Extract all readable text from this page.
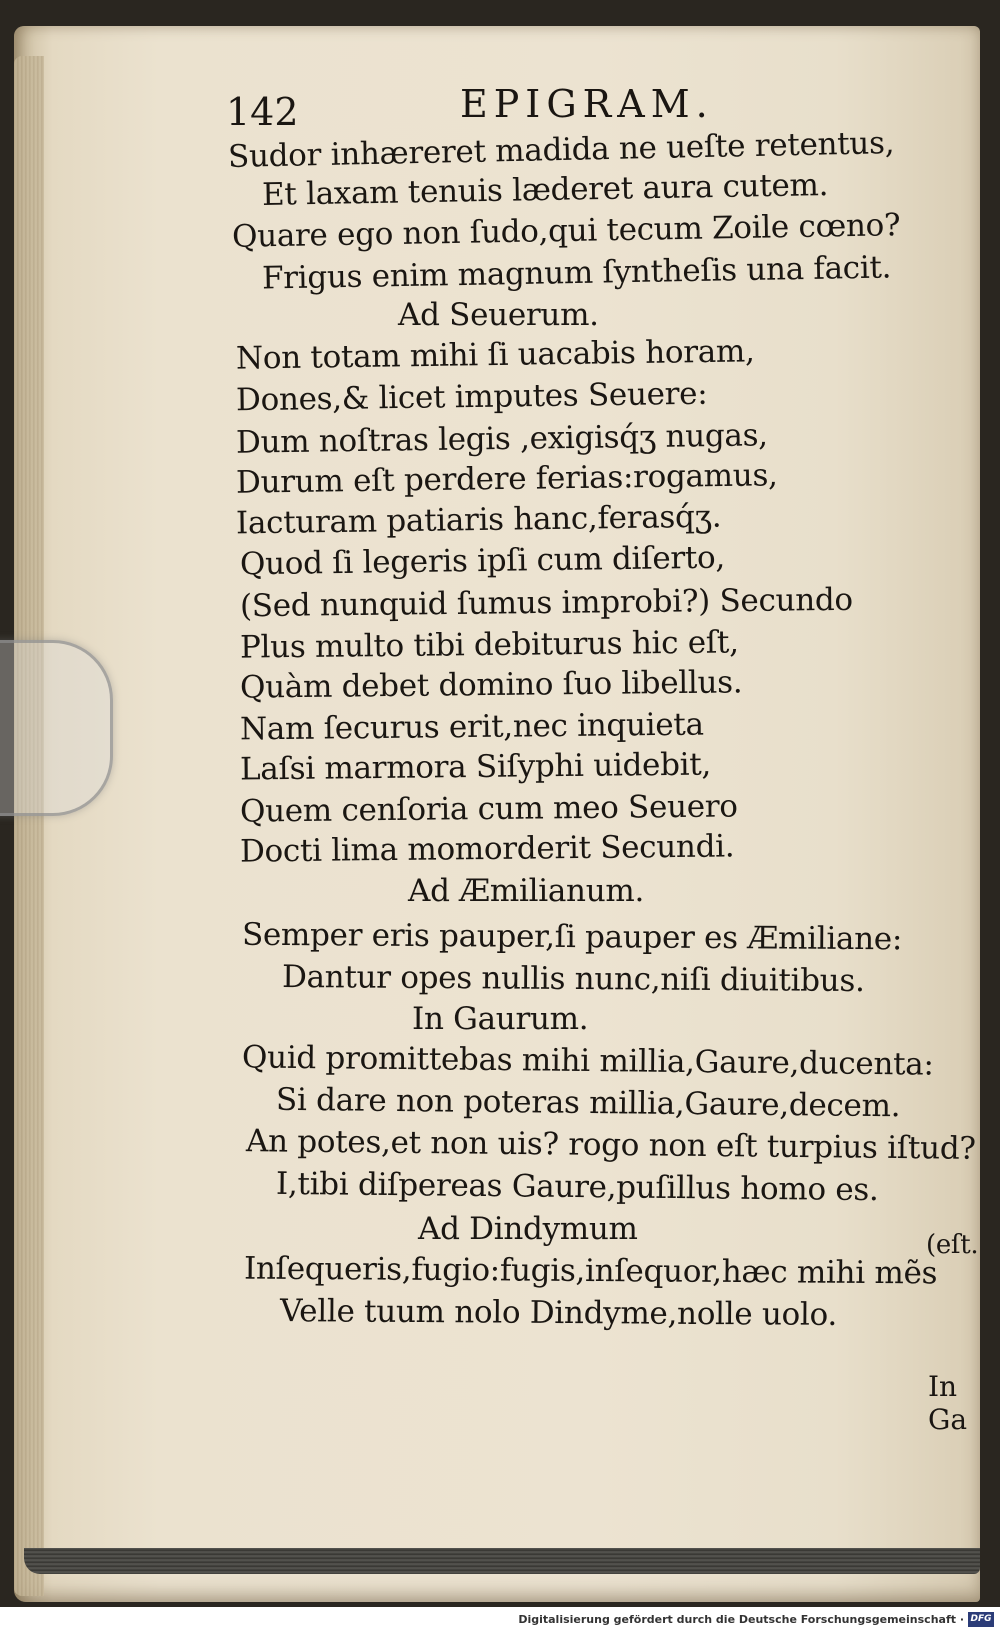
142	EPIGRAM.
Sudor inhæreret madida ne ueſte retentus,
Et laxam tenuis læderet aura cutem.
Quare ego non ſudo,qui tecum Zoile cœno?
Frigus enim magnum ſyntheſis una facit.
Ad Seuerum.
Non totam mihi ſi uacabis horam,
Dones,& licet imputes Seuere:
Dum noſtras legis ,exigisq́ʒ nugas,
Durum eſt perdere ferias:rogamus,
Iacturam patiaris hanc,ferasq́ʒ.
Quod ſi legeris ipſi cum diſerto,
(Sed nunquid ſumus improbi?) Secundo
Plus multo tibi debiturus hic eſt,
Quàm debet domino ſuo libellus.
Nam ſecurus erit,nec inquieta
Laſsi marmora Siſyphi uidebit,
Quem cenſoria cum meo Seuero
Docti lima momorderit Secundi.
Ad Æmilianum.
Semper eris pauper,ſi pauper es Æmiliane:
Dantur opes nullis nunc,niſi diuitibus.
In Gaurum.
Quid promittebas mihi millia,Gaure,ducenta:
Si dare non poteras millia,Gaure,decem.
An potes,et non uis? rogo non eſt turpius iſtud?
I,tibi diſpereas Gaure,puſillus homo es.
Ad Dindymum
Inſequeris,fugio:fugis,inſequor,hæc mihi mẽs
(eſt.
Velle tuum nolo Dindyme,nolle uolo.
In Ga
Digitalisierung gefördert durch die Deutsche Forschungsgemeinschaft · DFG
